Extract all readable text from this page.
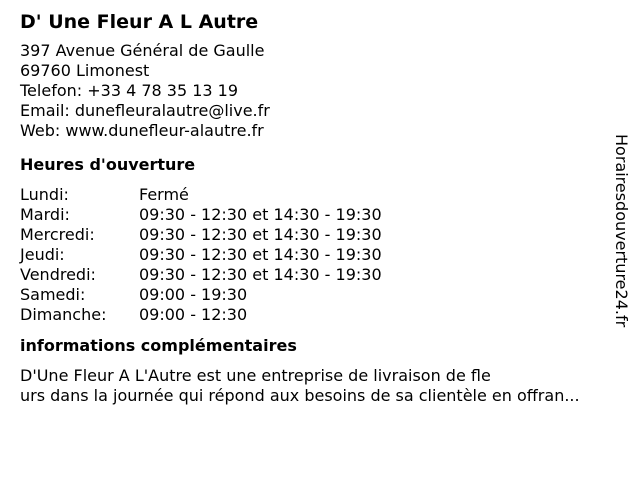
D' Une Fleur A L Autre
397 Avenue Général de Gaulle
69760 Limonest
Telefon: +33 4 78 35 13 19
Email: dunefleuralautre@live.fr
Web: www.dunefleur-alautre.fr
Heures d'ouverture
Lundi:	Fermé
Mardi:	09:30 - 12:30 et 14:30 - 19:30
Mercredi:	09:30 - 12:30 et 14:30 - 19:30
Jeudi:	09:30 - 12:30 et 14:30 - 19:30
Vendredi:	09:30 - 12:30 et 14:30 - 19:30
Samedi:	09:00 - 19:30
Dimanche:	09:00 - 12:30
informations complémentaires
D'Une Fleur A L'Autre est une entreprise de livraison de fle
urs dans la journée qui répond aux besoins de sa clientèle en offran...
Horairesdouverture24.fr
